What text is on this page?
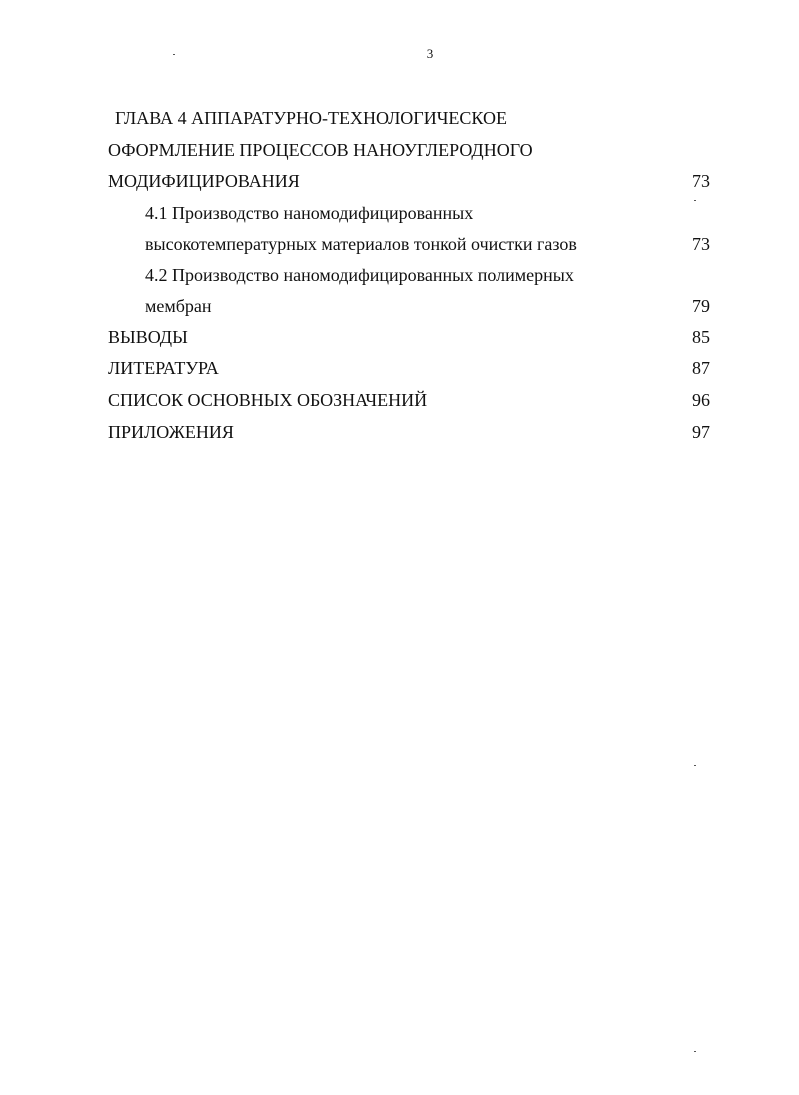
3
ГЛАВА 4 АППАРАТУРНО-ТЕХНОЛОГИЧЕСКОЕ
ОФОРМЛЕНИЕ ПРОЦЕССОВ НАНОУГЛЕРОДНОГО
МОДИФИЦИРОВАНИЯ	73
4.1 Производство наномодифицированных
высокотемпературных материалов тонкой очистки газов	73
4.2 Производство наномодифицированных полимерных
мембран	79
ВЫВОДЫ	85
ЛИТЕРАТУРА	87
СПИСОК ОСНОВНЫХ ОБОЗНАЧЕНИЙ	96
ПРИЛОЖЕНИЯ	97
